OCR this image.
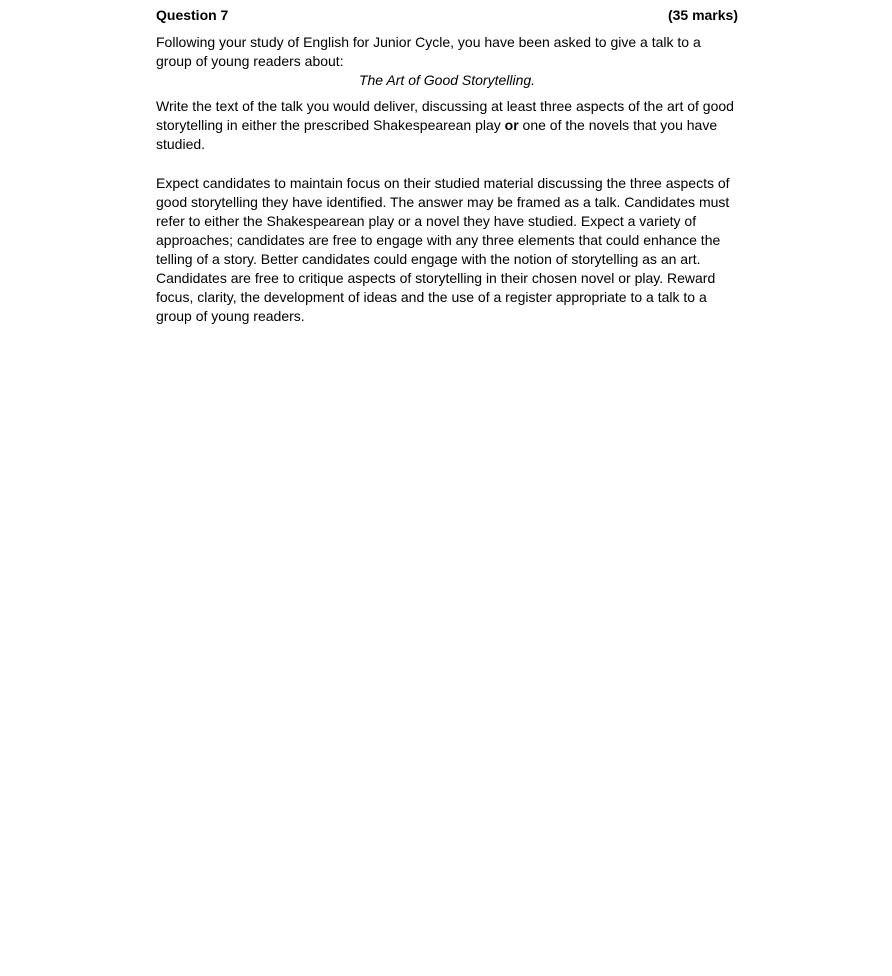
Question 7	(35 marks)

Following your study of English for Junior Cycle, you have been asked to give a talk to a group of young readers about:

The Art of Good Storytelling.

Write the text of the talk you would deliver, discussing at least three aspects of the art of good storytelling in either the prescribed Shakespearean play or one of the novels that you have studied.

Expect candidates to maintain focus on their studied material discussing the three aspects of good storytelling they have identified. The answer may be framed as a talk. Candidates must refer to either the Shakespearean play or a novel they have studied. Expect a variety of approaches; candidates are free to engage with any three elements that could enhance the telling of a story. Better candidates could engage with the notion of storytelling as an art. Candidates are free to critique aspects of storytelling in their chosen novel or play. Reward focus, clarity, the development of ideas and the use of a register appropriate to a talk to a group of young readers.
